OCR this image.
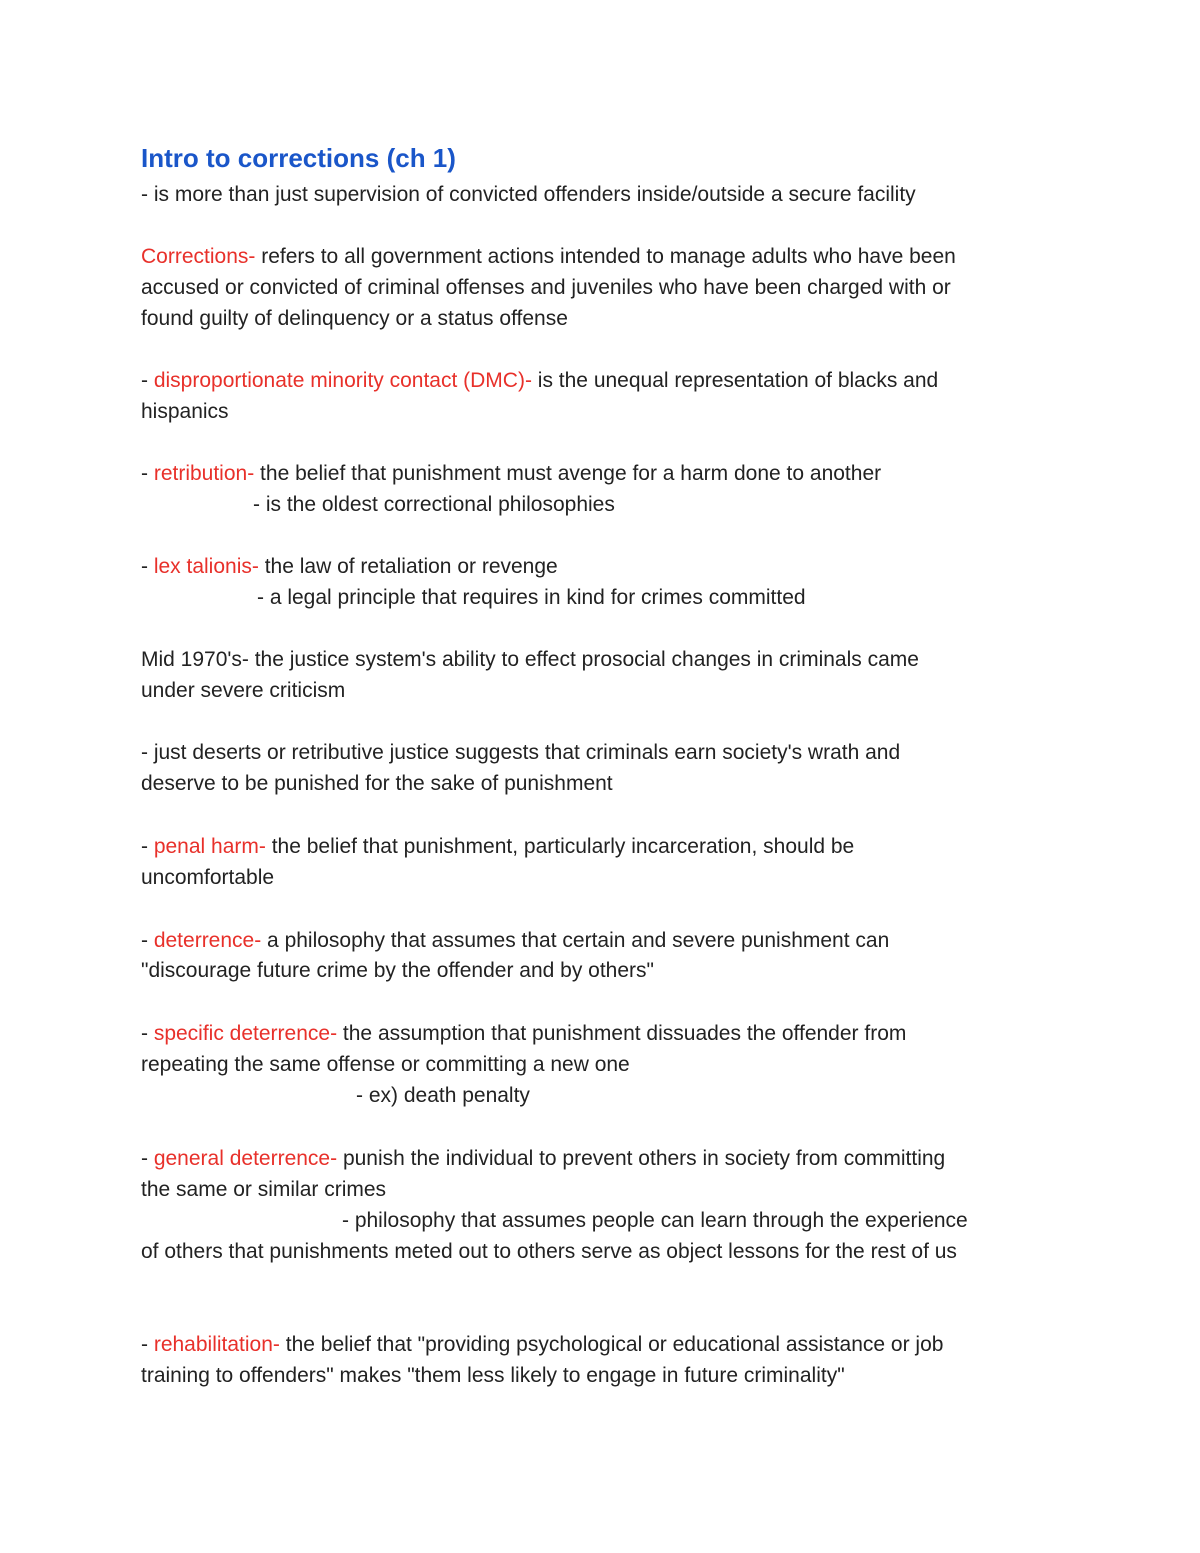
Intro to corrections (ch 1)
- is more than just supervision of convicted offenders inside/outside a secure facility
Corrections- refers to all government actions intended to manage adults who have been
accused or convicted of criminal offenses and juveniles who have been charged with or
found guilty of delinquency or a status offense
- disproportionate minority contact (DMC)- is the unequal representation of blacks and
hispanics
- retribution- the belief that punishment must avenge for a harm done to another
- is the oldest correctional philosophies
- lex talionis- the law of retaliation or revenge
- a legal principle that requires in kind for crimes committed
Mid 1970's- the justice system's ability to effect prosocial changes in criminals came
under severe criticism
- just deserts or retributive justice suggests that criminals earn society's wrath and
deserve to be punished for the sake of punishment
- penal harm- the belief that punishment, particularly incarceration, should be
uncomfortable
- deterrence- a philosophy that assumes that certain and severe punishment can
"discourage future crime by the offender and by others"
- specific deterrence- the assumption that punishment dissuades the offender from
repeating the same offense or committing a new one
- ex) death penalty
- general deterrence- punish the individual to prevent others in society from committing
the same or similar crimes
- philosophy that assumes people can learn through the experience
of others that punishments meted out to others serve as object lessons for the rest of us
- rehabilitation- the belief that "providing psychological or educational assistance or job
training to offenders" makes "them less likely to engage in future criminality"
